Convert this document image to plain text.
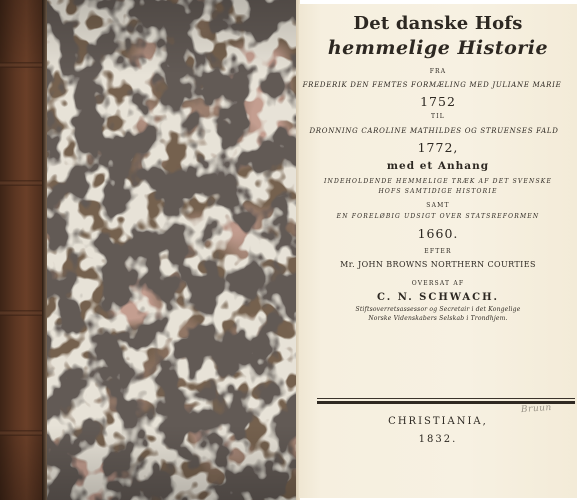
Det danske Hofs

hemmelige Historie

FRA

FREDERIK DEN FEMTES FORMÆLING MED JULIANE MARIE

1752

TIL

DRONNING CAROLINE MATHILDES OG STRUENSES FALD

1772,

med et Anhang

INDEHOLDENDE HEMMELIGE TRÆK AF DET SVENSKE

HOFS SAMTIDIGE HISTORIE

SAMT

EN FORELØBIG UDSIGT OVER STATSREFORMEN

1660.

EFTER

Mr. JOHN BROWNS NORTHERN COURTIES

OVERSAT AF

C. N. SCHWACH.

Stiftsoverretsassessor og Secretair i det Kongelige

Norske Videnskabers Selskab i Trondhjem.

CHRISTIANIA,

1832.

Bruun
